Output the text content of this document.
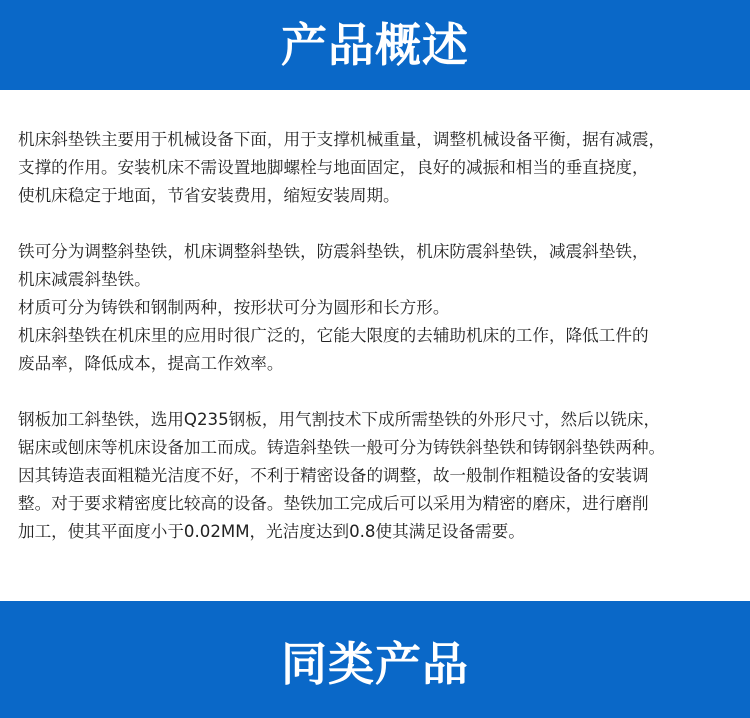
产品概述

机床斜垫铁主要用于机械设备下面，用于支撑机械重量，调整机械设备平衡，据有减震，

支撑的作用。安装机床不需设置地脚螺栓与地面固定，良好的减振和相当的垂直挠度，

使机床稳定于地面，节省安装费用，缩短安装周期。

铁可分为调整斜垫铁，机床调整斜垫铁，防震斜垫铁，机床防震斜垫铁，减震斜垫铁，

机床减震斜垫铁。

材质可分为铸铁和钢制两种，按形状可分为圆形和长方形。

机床斜垫铁在机床里的应用时很广泛的，它能大限度的去辅助机床的工作，降低工件的

废品率，降低成本，提高工作效率。

钢板加工斜垫铁，选用Q235钢板，用气割技术下成所需垫铁的外形尺寸，然后以铣床，

锯床或刨床等机床设备加工而成。铸造斜垫铁一般可分为铸铁斜垫铁和铸钢斜垫铁两种。

因其铸造表面粗糙光洁度不好，不利于精密设备的调整，故一般制作粗糙设备的安装调

整。对于要求精密度比较高的设备。垫铁加工完成后可以采用为精密的磨床，进行磨削

加工，使其平面度小于0.02MM，光洁度达到0.8使其满足设备需要。

同类产品
